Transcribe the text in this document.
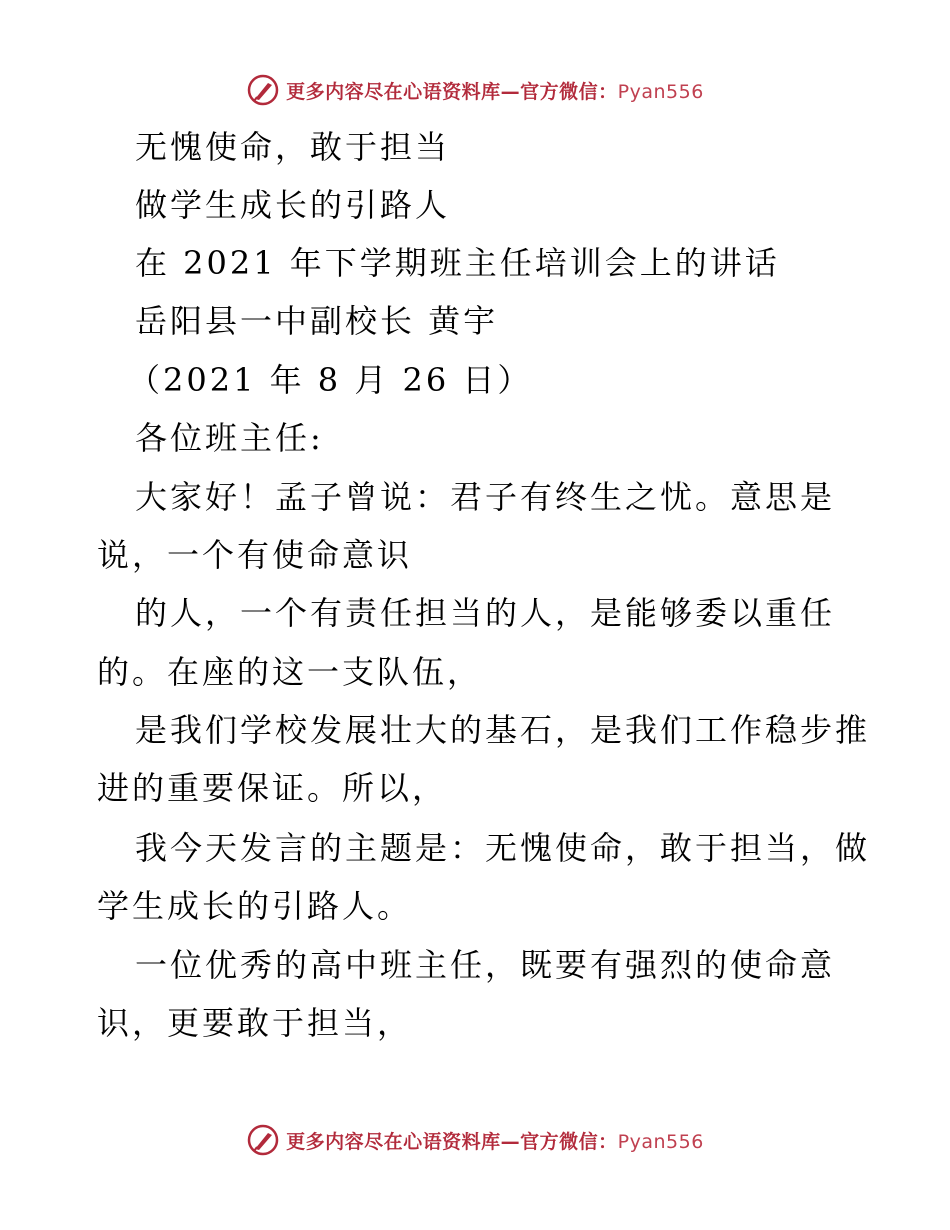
更多内容尽在心语资料库—官方微信：Pyan556
无愧使命，敢于担当
做学生成长的引路人
在 2021 年下学期班主任培训会上的讲话
岳阳县一中副校长 黄宇
（2021 年 8 月 26 日）
各位班主任:
大家好！孟子曾说：君子有终生之忧。意思是
说，一个有使命意识
的人，一个有责任担当的人，是能够委以重任
的。在座的这一支队伍，
是我们学校发展壮大的基石，是我们工作稳步推
进的重要保证。所以，
我今天发言的主题是：无愧使命，敢于担当，做
学生成长的引路人。
一位优秀的高中班主任，既要有强烈的使命意
识，更要敢于担当，
更多内容尽在心语资料库—官方微信：Pyan556
